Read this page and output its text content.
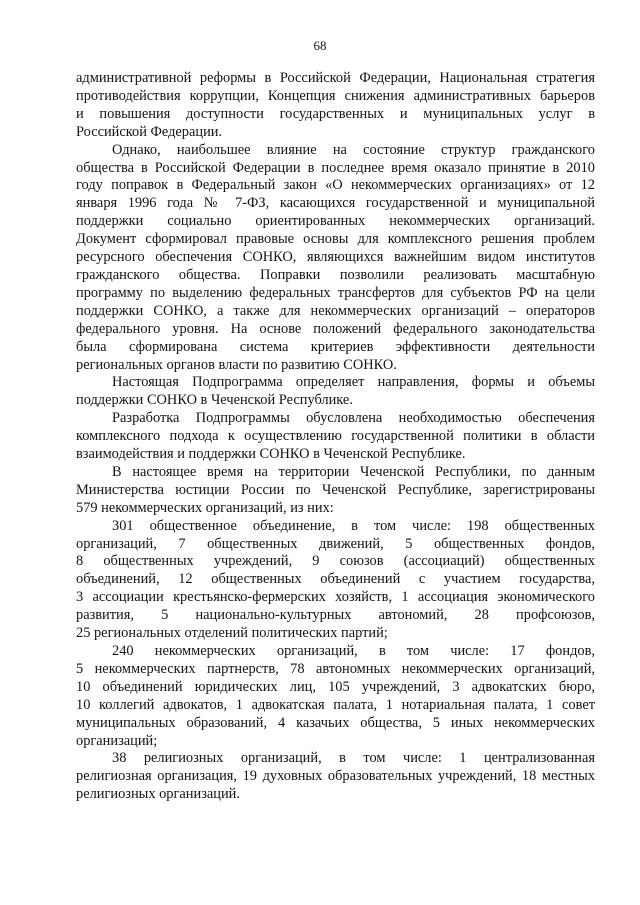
68
административной реформы в Российской Федерации, Национальная стратегия
противодействия коррупции, Концепция снижения административных барьеров
и повышения доступности государственных и муниципальных услуг в
Российской Федерации.
Однако, наибольшее влияние на состояние структур гражданского
общества в Российской Федерации в последнее время оказало принятие в 2010
году поправок в Федеральный закон «О некоммерческих организациях» от 12
января 1996 года № 7-ФЗ, касающихся государственной и муниципальной
поддержки социально ориентированных некоммерческих организаций.
Документ сформировал правовые основы для комплексного решения проблем
ресурсного обеспечения СОНКО, являющихся важнейшим видом институтов
гражданского общества. Поправки позволили реализовать масштабную
программу по выделению федеральных трансфертов для субъектов РФ на цели
поддержки СОНКО, а также для некоммерческих организаций – операторов
федерального уровня. На основе положений федерального законодательства
была сформирована система критериев эффективности деятельности
региональных органов власти по развитию СОНКО.
Настоящая Подпрограмма определяет направления, формы и объемы
поддержки СОНКО в Чеченской Республике.
Разработка Подпрограммы обусловлена необходимостью обеспечения
комплексного подхода к осуществлению государственной политики в области
взаимодействия и поддержки СОНКО в Чеченской Республике.
В настоящее время на территории Чеченской Республики, по данным
Министерства юстиции России по Чеченской Республике, зарегистрированы
579 некоммерческих организаций, из них:
301 общественное объединение, в том числе: 198 общественных
организаций, 7 общественных движений, 5 общественных фондов,
8 общественных учреждений, 9 союзов (ассоциаций) общественных
объединений, 12 общественных объединений с участием государства,
3 ассоциации крестьянско-фермерских хозяйств, 1 ассоциация экономического
развития, 5 национально-культурных автономий, 28 профсоюзов,
25 региональных отделений политических партий;
240 некоммерческих организаций, в том числе: 17 фондов,
5 некоммерческих партнерств, 78 автономных некоммерческих организаций,
10 объединений юридических лиц, 105 учреждений, 3 адвокатских бюро,
10 коллегий адвокатов, 1 адвокатская палата, 1 нотариальная палата, 1 совет
муниципальных образований, 4 казачьих общества, 5 иных некоммерческих
организаций;
38 религиозных организаций, в том числе: 1 централизованная
религиозная организация, 19 духовных образовательных учреждений, 18 местных
религиозных организаций.
